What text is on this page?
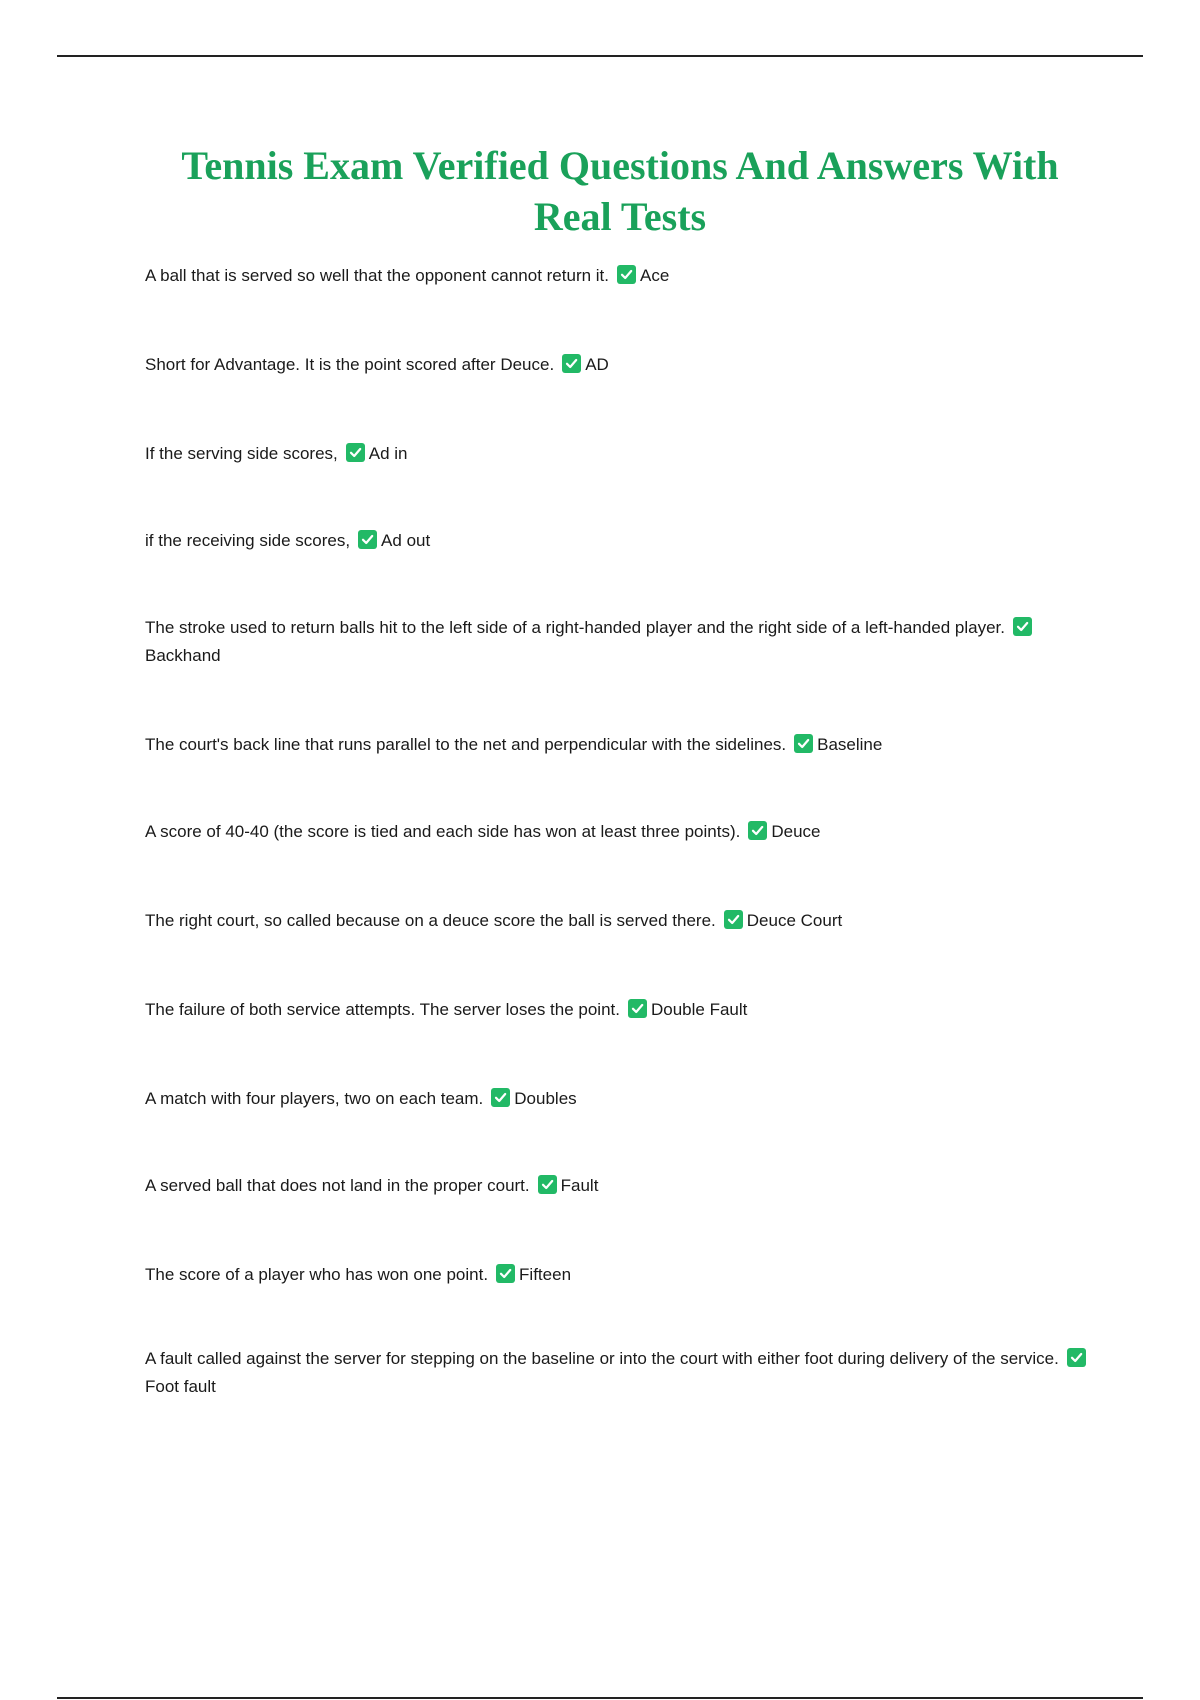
Tennis Exam Verified Questions And Answers With Real Tests
A ball that is served so well that the opponent cannot return it. Ace
Short for Advantage. It is the point scored after Deuce. AD
If the serving side scores, Ad in
if the receiving side scores, Ad out
The stroke used to return balls hit to the left side of a right-handed player and the right side of a left-handed player.
Backhand
The court's back line that runs parallel to the net and perpendicular with the sidelines. Baseline
A score of 40-40 (the score is tied and each side has won at least three points). Deuce
The right court, so called because on a deuce score the ball is served there. Deuce Court
The failure of both service attempts. The server loses the point. Double Fault
A match with four players, two on each team. Doubles
A served ball that does not land in the proper court. Fault
The score of a player who has won one point. Fifteen
A fault called against the server for stepping on the baseline or into the court with either foot during delivery of the service.
Foot fault
